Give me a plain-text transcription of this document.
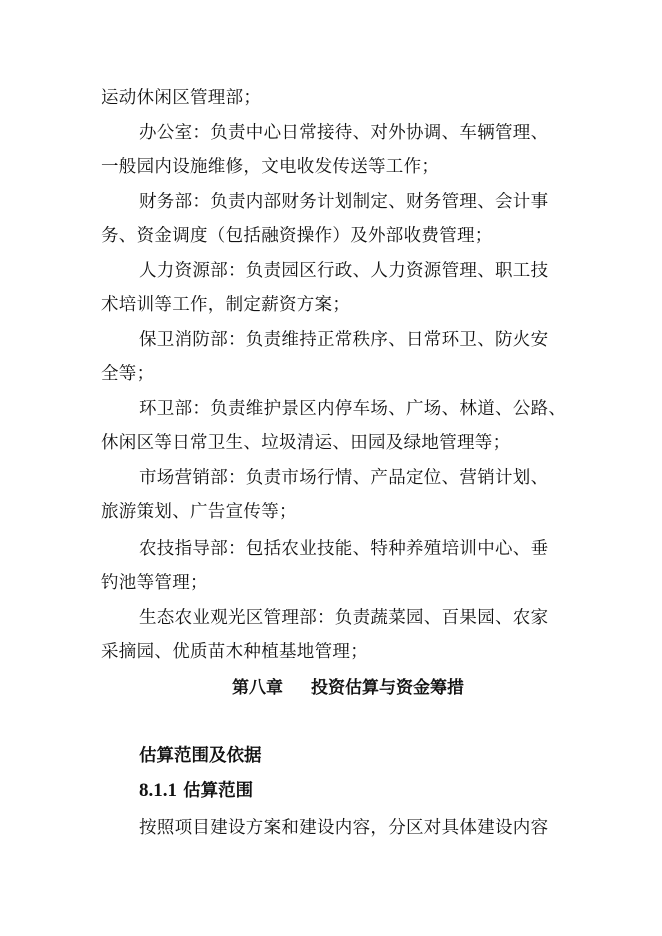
运动休闲区管理部；
办公室：负责中心日常接待、对外协调、车辆管理、
一般园内设施维修，文电收发传送等工作；
财务部：负责内部财务计划制定、财务管理、会计事
务、资金调度（包括融资操作）及外部收费管理；
人力资源部：负责园区行政、人力资源管理、职工技
术培训等工作，制定薪资方案；
保卫消防部：负责维持正常秩序、日常环卫、防火安
全等；
环卫部：负责维护景区内停车场、广场、林道、公路、
休闲区等日常卫生、垃圾清运、田园及绿地管理等；
市场营销部：负责市场行情、产品定位、营销计划、
旅游策划、广告宣传等；
农技指导部：包括农业技能、特种养殖培训中心、垂
钓池等管理；
生态农业观光区管理部：负责蔬菜园、百果园、农家
采摘园、优质苗木种植基地管理；
第八章 投资估算与资金筹措
估算范围及依据
8.1.1 估算范围
按照项目建设方案和建设内容，分区对具体建设内容
